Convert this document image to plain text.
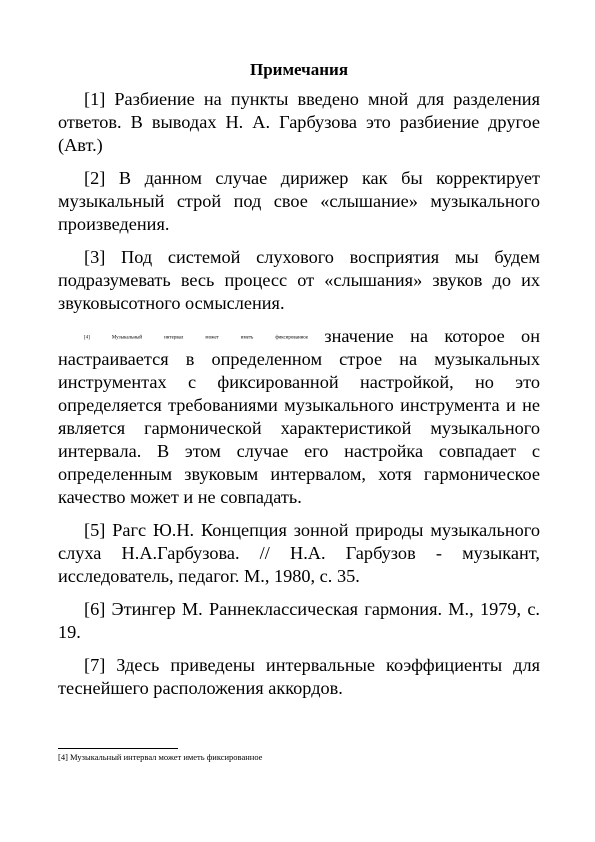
Примечания

[1] Разбиение на пункты введено мной для разделения ответов. В выводах Н. А. Гарбузова это разбиение другое (Авт.)

[2] В данном случае дирижер как бы корректирует музыкальный строй под свое «слышание» музыкального произведения.

[3] Под системой слухового восприятия мы будем подразумевать весь процесс от «слышания» звуков до их звуковысотного осмысления.

[4] Музыкальный интервал может иметь фиксированное значение на которое он настраивается в определенном строе на музыкальных инструментах с фиксированной настройкой, но это определяется требованиями музыкального инструмента и не является гармонической характеристикой музыкального интервала. В этом случае его настройка совпадает с определенным звуковым интервалом, хотя гармоническое качество может и не совпадать.

[5] Рагс Ю.Н. Концепция зонной природы музыкального слуха Н.А.Гарбузова. // Н.А. Гарбузов - музыкант, исследователь, педагог. М., 1980, с. 35.

[6] Этингер М. Раннеклассическая гармония. М., 1979, с. 19.

[7] Здесь приведены интервальные коэффициенты для теснейшего расположения аккордов.

[4] Музыкальный интервал может иметь фиксированное
